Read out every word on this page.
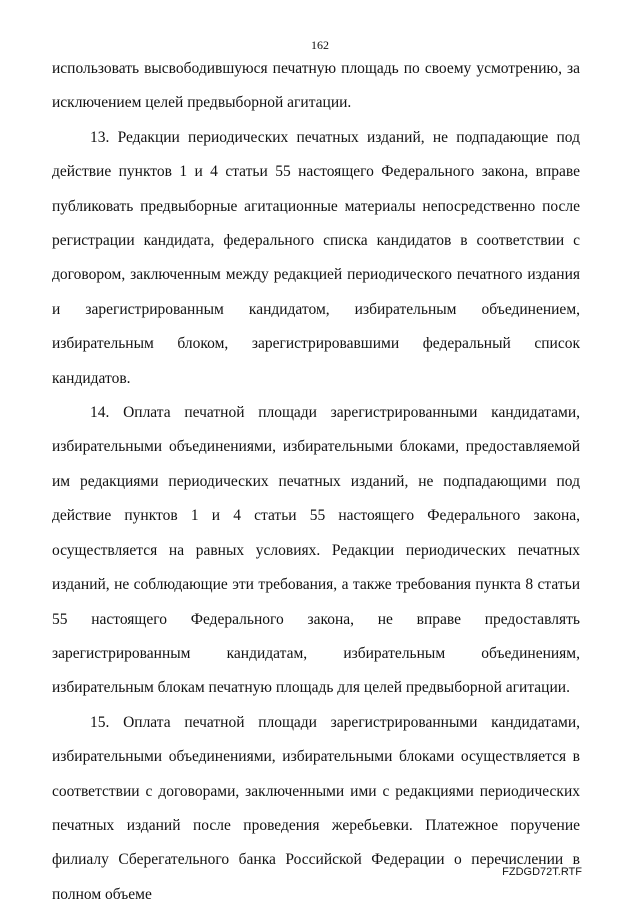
162

использовать высвободившуюся печатную площадь по своему усмотрению, за исключением целей предвыборной агитации.

13. Редакции периодических печатных изданий, не подпадающие под действие пунктов 1 и 4 статьи 55 настоящего Федерального закона, вправе публиковать предвыборные агитационные материалы непосредственно после регистрации кандидата, федерального списка кандидатов в соответствии с договором, заключенным между редакцией периодического печатного издания и зарегистрированным кандидатом, избирательным объединением, избирательным блоком, зарегистрировавшими федеральный список кандидатов.

14. Оплата печатной площади зарегистрированными кандидатами, избирательными объединениями, избирательными блоками, предоставляемой им редакциями периодических печатных изданий, не подпадающими под действие пунктов 1 и 4 статьи 55 настоящего Федерального закона, осуществляется на равных условиях. Редакции периодических печатных изданий, не соблюдающие эти требования, а также требования пункта 8 статьи 55 настоящего Федерального закона, не вправе предоставлять зарегистрированным кандидатам, избирательным объединениям, избирательным блокам печатную площадь для целей предвыборной агитации.

15. Оплата печатной площади зарегистрированными кандидатами, избирательными объединениями, избирательными блоками осуществляется в соответствии с договорами, заключенными ими с редакциями периодических печатных изданий после проведения жеребьевки. Платежное поручение филиалу Сберегательного банка Российской Федерации о перечислении в полном объеме

FZDGD72T.RTF
